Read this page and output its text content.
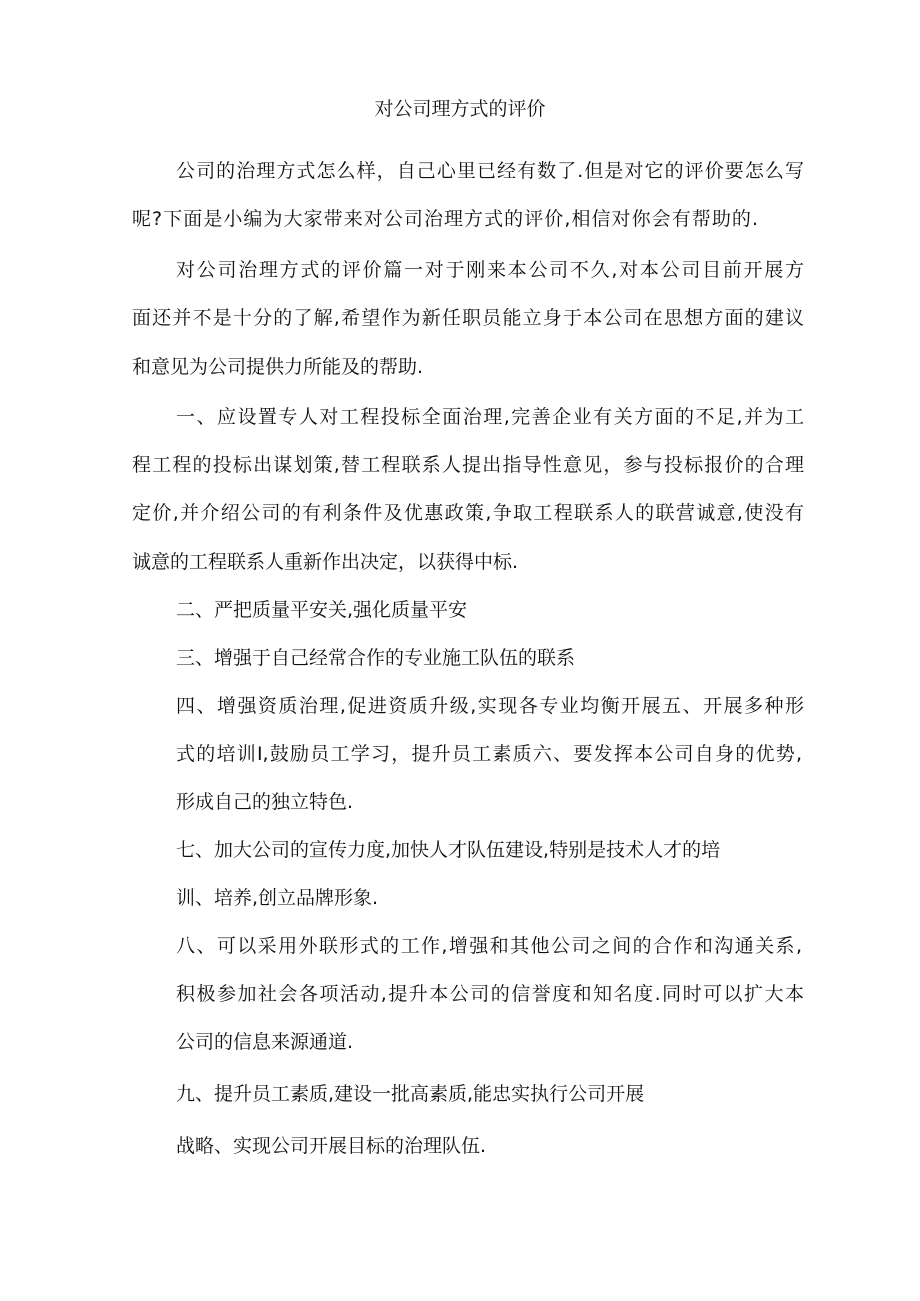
对公司理方式的评价

公司的治理方式怎么样，自己心里已经有数了.但是对它的评价要怎么写

呢?下面是小编为大家带来对公司治理方式的评价,相信对你会有帮助的.

对公司治理方式的评价篇一对于刚来本公司不久,对本公司目前开展方

面还并不是十分的了解,希望作为新任职员能立身于本公司在思想方面的建议

和意见为公司提供力所能及的帮助.

一、应设置专人对工程投标全面治理,完善企业有关方面的不足,并为工

程工程的投标出谋划策,替工程联系人提出指导性意见，参与投标报价的合理

定价,并介绍公司的有利条件及优惠政策,争取工程联系人的联营诚意,使没有

诚意的工程联系人重新作出决定，以获得中标.

二、严把质量平安关,强化质量平安

三、增强于自己经常合作的专业施工队伍的联系

四、增强资质治理,促进资质升级,实现各专业均衡开展五、开展多种形

式的培训I,鼓励员工学习，提升员工素质六、要发挥本公司自身的优势,

形成自己的独立特色.

七、加大公司的宣传力度,加快人才队伍建设,特别是技术人才的培

训、培养,创立品牌形象.

八、可以采用外联形式的工作,增强和其他公司之间的合作和沟通关系,

积极参加社会各项活动,提升本公司的信誉度和知名度.同时可以扩大本

公司的信息来源通道.

九、提升员工素质,建设一批高素质,能忠实执行公司开展

战略、实现公司开展目标的治理队伍.
